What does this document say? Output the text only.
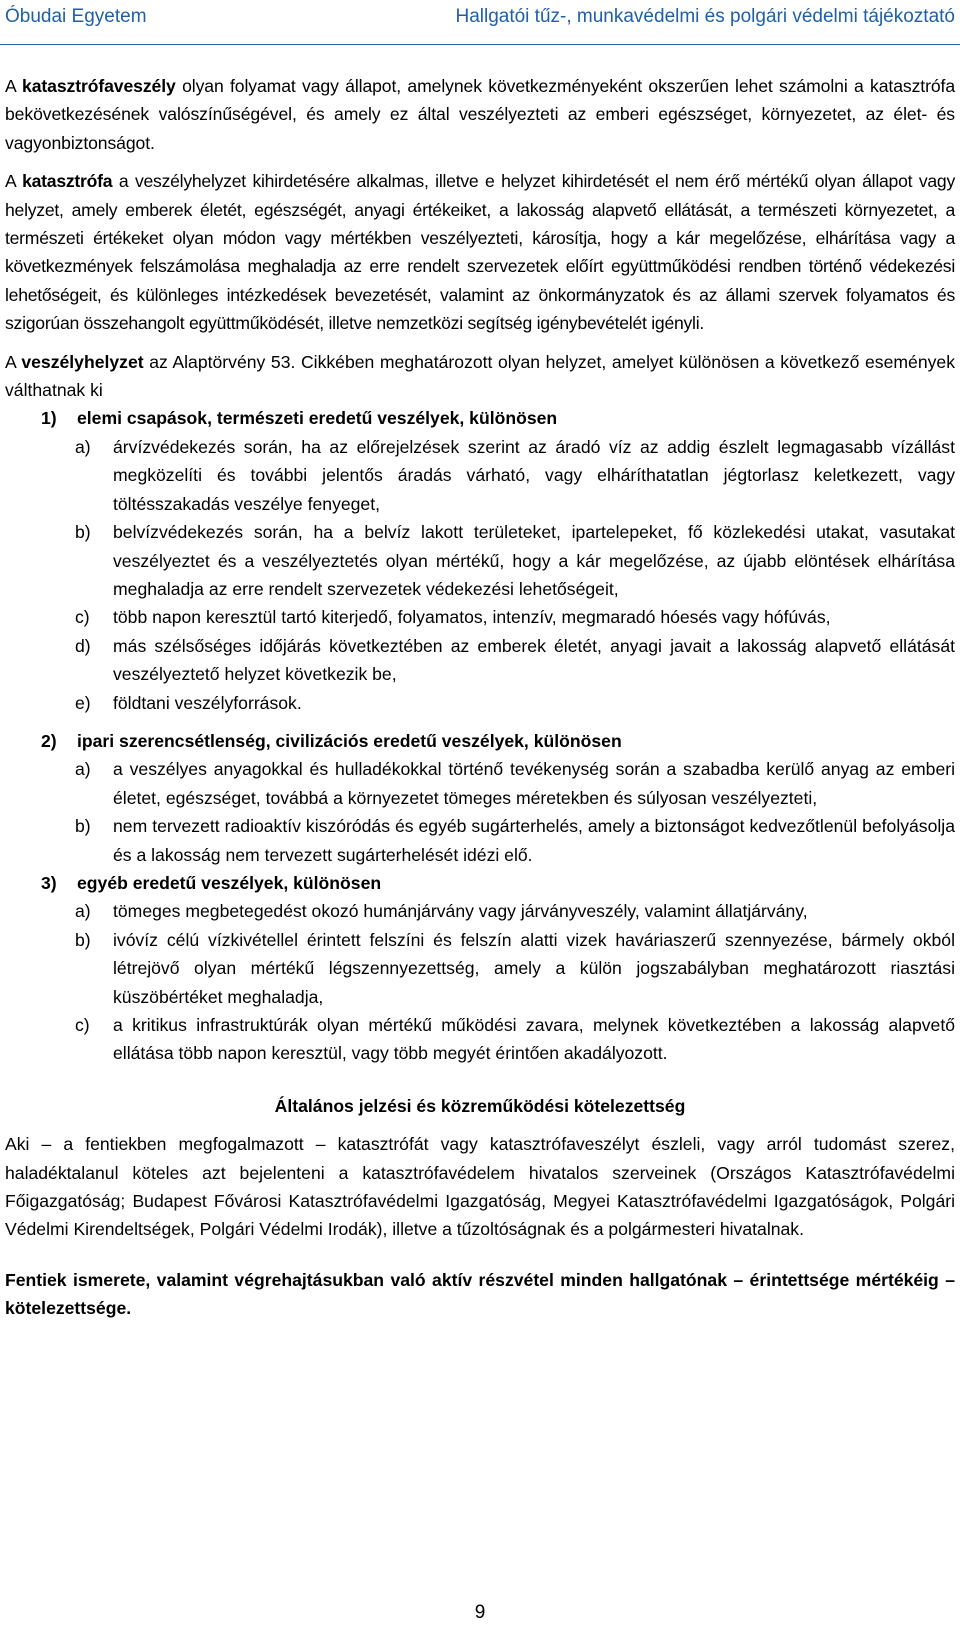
Óbudai Egyetem	Hallgatói tűz-, munkavédelmi és polgári védelmi tájékoztató

A katasztrófaveszély olyan folyamat vagy állapot, amelynek következményeként okszerűen lehet számolni a katasztrófa bekövetkezésének valószínűségével, és amely ez által veszélyezteti az emberi egészséget, környezetet, az élet- és vagyonbiztonságot.

A katasztrófa a veszélyhelyzet kihirdetésére alkalmas, illetve e helyzet kihirdetését el nem érő mértékű olyan állapot vagy helyzet, amely emberek életét, egészségét, anyagi értékeiket, a lakosság alapvető ellátását, a természeti környezetet, a természeti értékeket olyan módon vagy mértékben veszélyezteti, károsítja, hogy a kár megelőzése, elhárítása vagy a következmények felszámolása meghaladja az erre rendelt szervezetek előírt együttműködési rendben történő védekezési lehetőségeit, és különleges intézkedések bevezetését, valamint az önkormányzatok és az állami szervek folyamatos és szigorúan összehangolt együttműködését, illetve nemzetközi segítség igénybevételét igényli.

A veszélyhelyzet az Alaptörvény 53. Cikkében meghatározott olyan helyzet, amelyet különösen a következő események válthatnak ki

1) elemi csapások, természeti eredetű veszélyek, különösen
a) árvízvédekezés során, ha az előrejelzések szerint az áradó víz az addig észlelt legmagasabb vízállást megközelíti és további jelentős áradás várható, vagy elháríthatatlan jégtorlasz keletkezett, vagy töltésszakadás veszélye fenyeget,
b) belvízvédekezés során, ha a belvíz lakott területeket, ipartelepeket, fő közlekedési utakat, vasutakat veszélyeztet és a veszélyeztetés olyan mértékű, hogy a kár megelőzése, az újabb elöntések elhárítása meghaladja az erre rendelt szervezetek védekezési lehetőségeit,
c) több napon keresztül tartó kiterjedő, folyamatos, intenzív, megmaradó hóesés vagy hófúvás,
d) más szélsőséges időjárás következtében az emberek életét, anyagi javait a lakosság alapvető ellátását veszélyeztető helyzet következik be,
e) földtani veszélyforrások.
2) ipari szerencsétlenség, civilizációs eredetű veszélyek, különösen
a) a veszélyes anyagokkal és hulladékokkal történő tevékenység során a szabadba kerülő anyag az emberi életet, egészséget, továbbá a környezetet tömeges méretekben és súlyosan veszélyezteti,
b) nem tervezett radioaktív kiszóródás és egyéb sugárterhelés, amely a biztonságot kedvezőtlenül befolyásolja és a lakosság nem tervezett sugárterhelését idézi elő.
3) egyéb eredetű veszélyek, különösen
a) tömeges megbetegedést okozó humánjárvány vagy járványveszély, valamint állatjárvány,
b) ivóvíz célú vízkivétellel érintett felszíni és felszín alatti vizek haváriaszerű szennyezése, bármely okból létrejövő olyan mértékű légszennyezettség, amely a külön jogszabályban meghatározott riasztási küszöbértéket meghaladja,
c) a kritikus infrastruktúrák olyan mértékű működési zavara, melynek következtében a lakosság alapvető ellátása több napon keresztül, vagy több megyét érintően akadályozott.
Általános jelzési és közreműködési kötelezettség

Aki – a fentiekben megfogalmazott – katasztrófát vagy katasztrófaveszélyt észleli, vagy arról tudomást szerez, haladéktalanul köteles azt bejelenteni a katasztrófavédelem hivatalos szerveinek (Országos Katasztrófavédelmi Főigazgatóság; Budapest Fővárosi Katasztrófavédelmi Igazgatóság, Megyei Katasztrófavédelmi Igazgatóságok, Polgári Védelmi Kirendeltségek, Polgári Védelmi Irodák), illetve a tűzoltóságnak és a polgármesteri hivatalnak.

Fentiek ismerete, valamint végrehajtásukban való aktív részvétel minden hallgatónak – érintettsége mértékéig – kötelezettsége.

9
